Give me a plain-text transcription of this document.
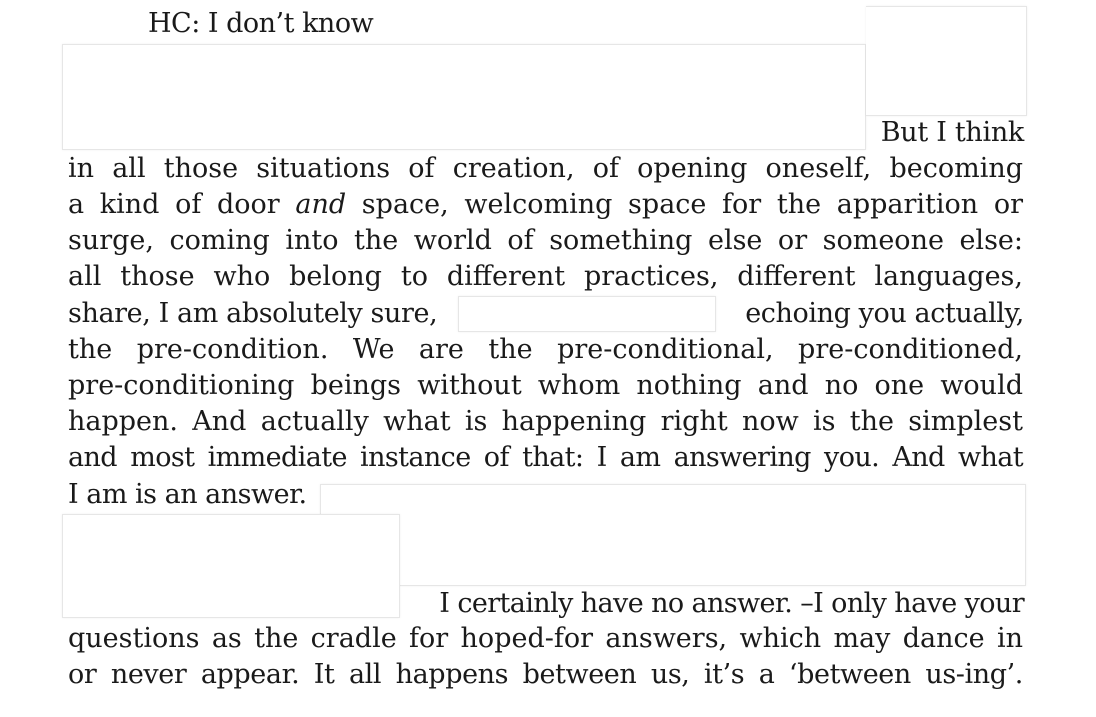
HC: I don’t know
But I think
in all those situations of creation, of opening oneself, becoming
a kind of door and space, welcoming space for the apparition or
surge, coming into the world of something else or someone else:
all those who belong to different practices, different languages,
share, I am absolutely sure,	echoing you actually,
the pre-condition. We are the pre-conditional, pre-conditioned,
pre-conditioning beings without whom nothing and no one would
happen. And actually what is happening right now is the simplest
and most immediate instance of that: I am answering you. And what
I am is an answer.
I certainly have no answer. –I only have your
questions as the cradle for hoped-for answers, which may dance in
or never appear. It all happens between us, it’s a ‘between us-ing’.
